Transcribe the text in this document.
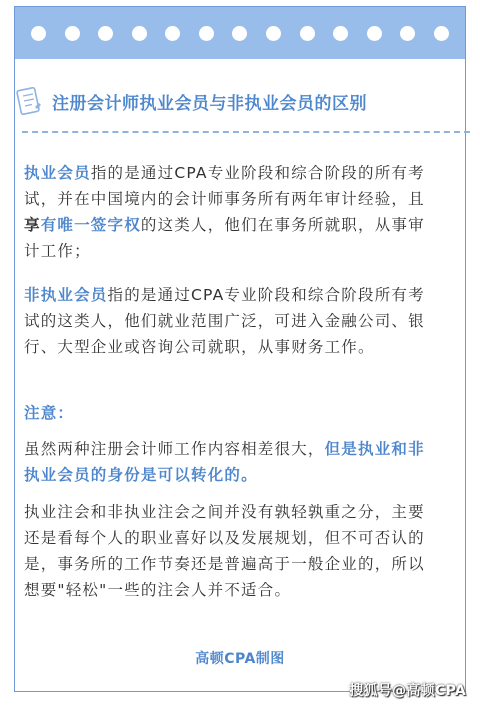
注册会计师执业会员与非执业会员的区别
执业会员指的是通过CPA专业阶段和综合阶段的所有考试，并在中国境内的会计师事务所有两年审计经验，且享有唯一签字权的这类人，他们在事务所就职，从事审计工作；
非执业会员指的是通过CPA专业阶段和综合阶段所有考试的这类人，他们就业范围广泛，可进入金融公司、银行、大型企业或咨询公司就职，从事财务工作。
注意：
虽然两种注册会计师工作内容相差很大，但是执业和非执业会员的身份是可以转化的。
执业注会和非执业注会之间并没有孰轻孰重之分，主要还是看每个人的职业喜好以及发展规划，但不可否认的是，事务所的工作节奏还是普遍高于一般企业的，所以想要"轻松"一些的注会人并不适合。
高顿CPA制图
搜狐号@高顿CPA
